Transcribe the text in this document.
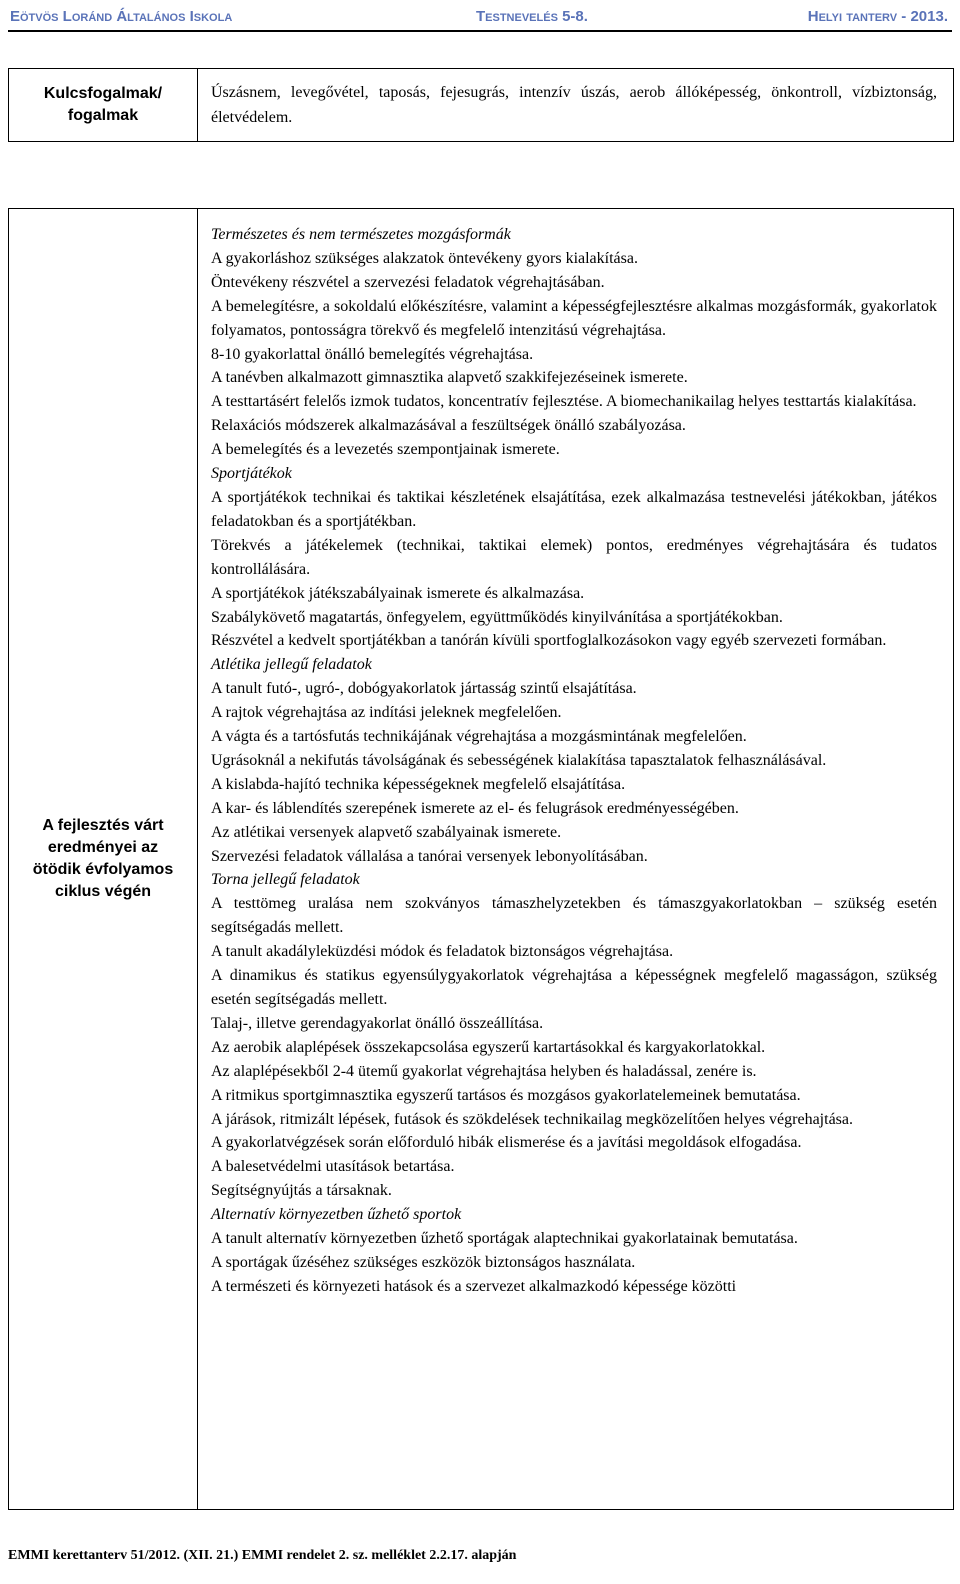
Eötvös Loránd Általános Iskola	Testnevelés 5-8.	Helyi tanterv - 2013.
Kulcsfogalmak/
fogalmak

Úszásnem, levegővétel, taposás, fejesugrás, intenzív úszás, aerob állóképesség, önkontroll, vízbiztonság, életvédelem.

A fejlesztés várt
eredményei az
ötödik évfolyamos
ciklus végén

Természetes és nem természetes mozgásformák

A gyakorláshoz szükséges alakzatok öntevékeny gyors kialakítása.

Öntevékeny részvétel a szervezési feladatok végrehajtásában.

A bemelegítésre, a sokoldalú előkészítésre, valamint a képességfejlesztésre alkalmas mozgásformák, gyakorlatok folyamatos, pontosságra törekvő és megfelelő intenzitású végrehajtása.

8-10 gyakorlattal önálló bemelegítés végrehajtása.

A tanévben alkalmazott gimnasztika alapvető szakkifejezéseinek ismerete.

A testtartásért felelős izmok tudatos, koncentratív fejlesztése. A biomechanikailag helyes testtartás kialakítása.

Relaxációs módszerek alkalmazásával a feszültségek önálló szabályozása.

A bemelegítés és a levezetés szempontjainak ismerete.

Sportjátékok

A sportjátékok technikai és taktikai készletének elsajátítása, ezek alkalmazása testnevelési játékokban, játékos feladatokban és a sportjátékban.

Törekvés a játékelemek (technikai, taktikai elemek) pontos, eredményes végrehajtására és tudatos kontrollálására.

A sportjátékok játékszabályainak ismerete és alkalmazása.

Szabálykövető magatartás, önfegyelem, együttműködés kinyilvánítása a sportjátékokban.

Részvétel a kedvelt sportjátékban a tanórán kívüli sportfoglalkozásokon vagy egyéb szervezeti formában.

Atlétika jellegű feladatok

A tanult futó-, ugró-, dobógyakorlatok jártasság szintű elsajátítása.

A rajtok végrehajtása az indítási jeleknek megfelelően.

A vágta és a tartósfutás technikájának végrehajtása a mozgásmintának megfelelően.

Ugrásoknál a nekifutás távolságának és sebességének kialakítása tapasztalatok felhasználásával.

A kislabda-hajító technika képességeknek megfelelő elsajátítása.

A kar- és láblendítés szerepének ismerete az el- és felugrások eredményességében.

Az atlétikai versenyek alapvető szabályainak ismerete.

Szervezési feladatok vállalása a tanórai versenyek lebonyolításában.

Torna jellegű feladatok

A testtömeg uralása nem szokványos támaszhelyzetekben és támaszgyakorlatokban – szükség esetén segítségadás mellett.

A tanult akadályleküzdési módok és feladatok biztonságos végrehajtása.

A dinamikus és statikus egyensúlygyakorlatok végrehajtása a képességnek megfelelő magasságon, szükség esetén segítségadás mellett.

Talaj-, illetve gerendagyakorlat önálló összeállítása.

Az aerobik alaplépések összekapcsolása egyszerű kartartásokkal és kargyakorlatokkal.

Az alaplépésekből 2-4 ütemű gyakorlat végrehajtása helyben és haladással, zenére is.

A ritmikus sportgimnasztika egyszerű tartásos és mozgásos gyakorlatelemeinek bemutatása.

A járások, ritmizált lépések, futások és szökdelések technikailag megközelítően helyes végrehajtása.

A gyakorlatvégzések során előforduló hibák elismerése és a javítási megoldások elfogadása.

A balesetvédelmi utasítások betartása.

Segítségnyújtás a társaknak.

Alternatív környezetben űzhető sportok

A tanult alternatív környezetben űzhető sportágak alaptechnikai gyakorlatainak bemutatása.

A sportágak űzéséhez szükséges eszközök biztonságos használata.

A természeti és környezeti hatások és a szervezet alkalmazkodó képessége közötti

EMMI kerettanterv 51/2012. (XII. 21.) EMMI rendelet 2. sz. melléklet 2.2.17. alapján
